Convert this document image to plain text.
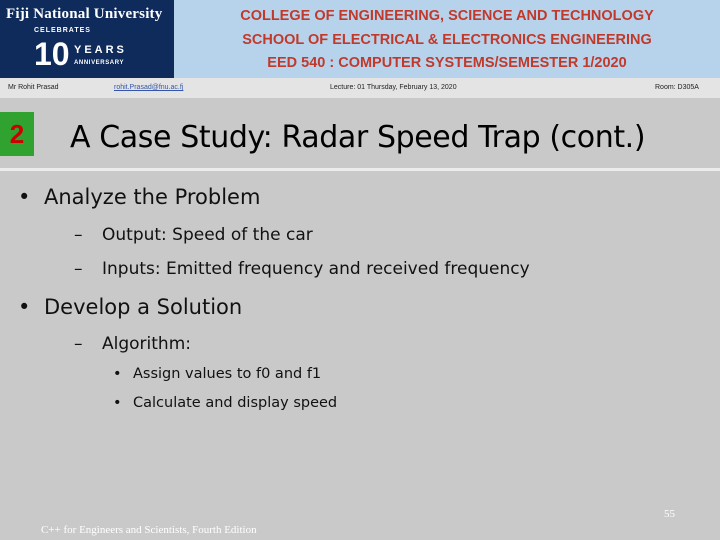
Fiji National University
CELEBRATES
10 YEARS
ANNIVERSARY
COLLEGE OF ENGINEERING, SCIENCE AND TECHNOLOGY
SCHOOL OF ELECTRICAL & ELECTRONICS ENGINEERING
EED 540 : COMPUTER SYSTEMS/SEMESTER 1/2020
Mr Rohit Prasad	rohit.Prasad@fnu.ac.fj	Lecture: 01 Thursday, February 13, 2020	Room: D305A
2	A Case Study: Radar Speed Trap (cont.)
• Analyze the Problem
– Output: Speed of the car
– Inputs: Emitted frequency and received frequency
• Develop a Solution
– Algorithm:
• Assign values to f0 and f1
• Calculate and display speed
55
C++ for Engineers and Scientists, Fourth Edition
